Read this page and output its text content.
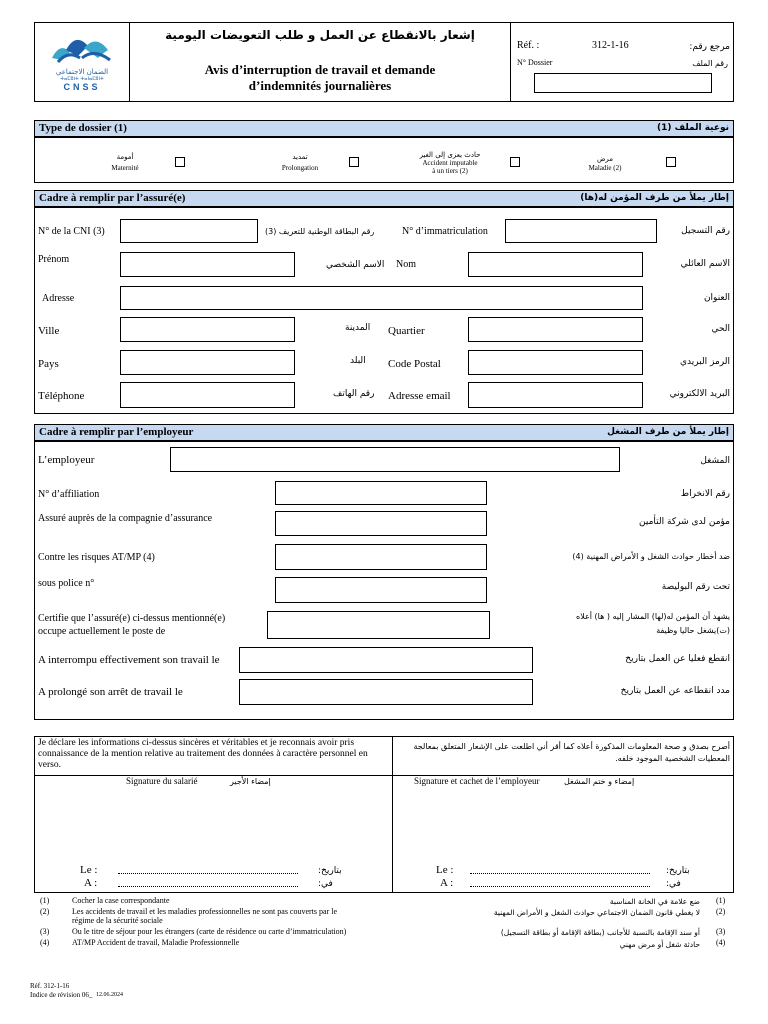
الضمان الاجتماعي
ⵜⴰⵎⵓⵏⵜ ⵜⴰⵏⴰⵎⵓⵏⵜ
CNSS
إشعار بالانقطاع عن العمل و طلب التعويضات اليومية
Avis d’interruption de travail et demande
d’indemnités journalières
Réf. :	312-1-16	مرجع رقم:
N° Dossier	رقم الملف
Type de dossier (1)	نوعية الملف (1)
أمومة
Maternité
تمديد
Prolongation
حادث يعزى إلى الغير
Accident imputable
à un tiers (2)
مرض
Maladie (2)
Cadre à remplir par l’assuré(e)	إطار يملأ من طرف المؤمن له(ها)
N° de la CNI (3)	رقم البطاقة الوطنية للتعريف (3)	N° d’immatriculation	رقم التسجيل
Prénom	الاسم الشخصي Nom	الاسم العائلي
Adresse	العنوان
Ville	المدينة Quartier	الحي
Pays	البلد Code Postal	الرمز البريدي
Téléphone	رقم الهاتف Adresse email	البريد الالكتروني
Cadre à remplir par l’employeur	إطار يملأ من طرف المشغل
L’employeur	المشغل
N° d’affiliation	رقم الانخراط
Assuré auprès de la compagnie d’assurance	مؤمن لدى شركة التأمين
Contre les risques AT/MP (4)	ضد أخطار حوادث الشغل و الأمراض المهنية (4)
sous police n°	تحت رقم البوليصة
Certifie que l’assuré(e) ci-dessus mentionné(e)
occupe actuellement le poste de
يشهد أن المؤمن له(لها) المشار إليه ( ها) أعلاه
(ت)يشغل حاليا وظيفة
A interrompu effectivement son travail le	انقطع فعليا عن العمل بتاريخ
A prolongé son arrêt de travail le	مدد انقطاعه عن العمل بتاريخ
Je déclare les informations ci-dessus sincères et véritables et je reconnais avoir pris connaissance de la mention relative au traitement des données à caractère personnel en verso.
أصرح بصدق و صحة المعلومات المذكورة أعلاه كما أقر أني اطلعت على الإشعار المتعلق بمعالجة المعطيات الشخصية الموجود خلفه.
Signature du salarié	إمضاء الأجير	Signature et cachet de l’employeur	إمضاء و ختم المشغل
Le :	بتاريخ:
A :	في:
Le :	بتاريخ:
A :	في:
(1)	Cocher la case correspondante	ضع علامة في الخانة المناسبة (1)
(2)	Les accidents de travail et les maladies professionnelles ne sont pas couverts par le
régime de la sécurité sociale
لا يغطي قانون الضمان الاجتماعي حوادث الشغل و الأمراض المهنية (2)
(3)	Ou le titre de séjour pour les étrangers (carte de résidence ou carte d’immatriculation)	أو سند الإقامة بالنسبة للأجانب (بطاقة الإقامة أو بطاقة التسجيل) (3)
(4)	AT/MP Accident de travail, Maladie Professionnelle	حادثة شغل أو مرض مهني (4)
Réf. 312-1-16
Indice de révision 06_ 12.06.2024
